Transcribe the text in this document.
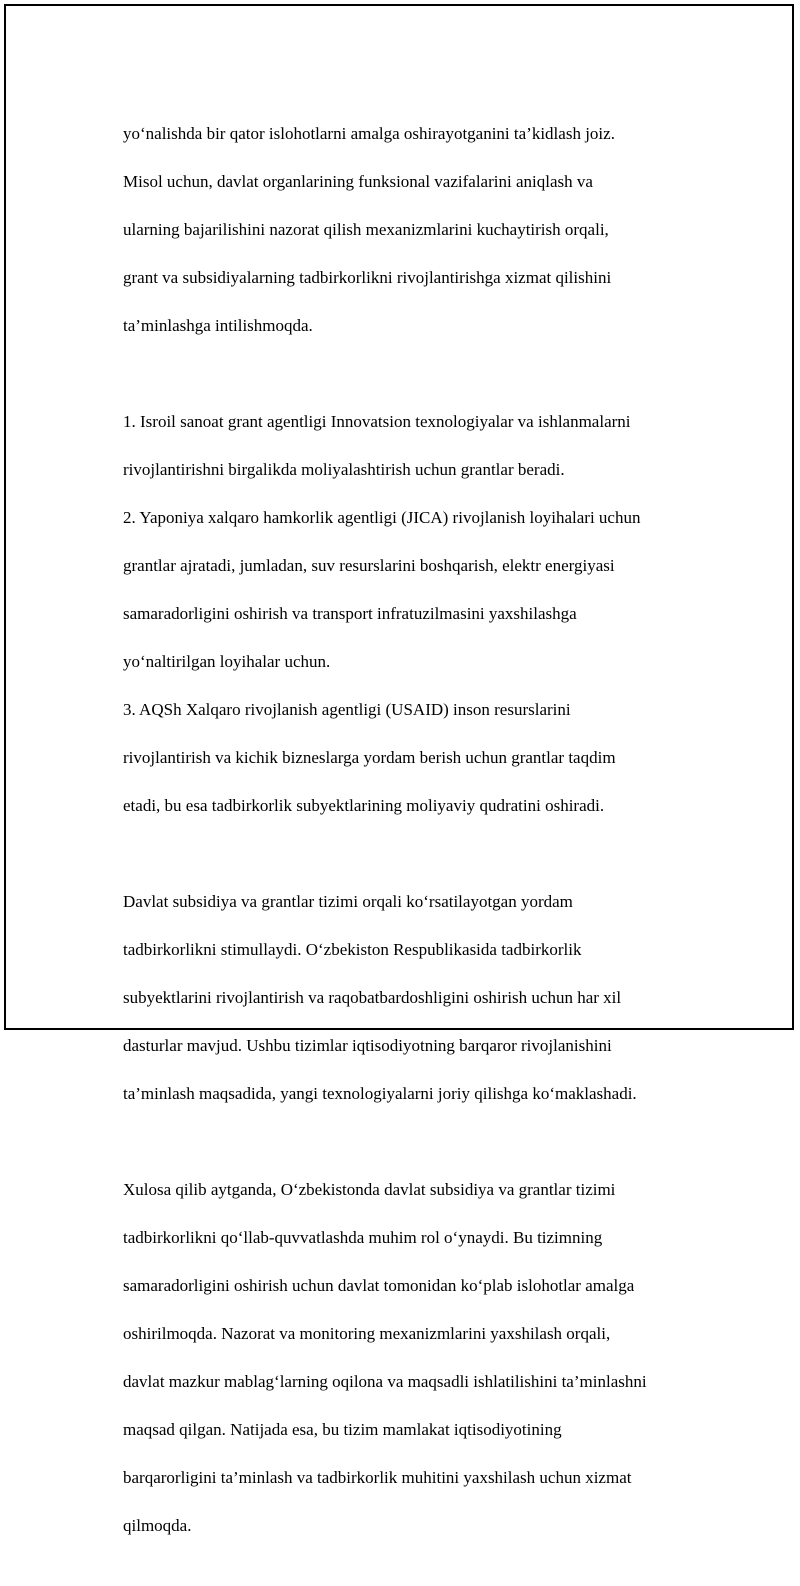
yo‘nalishda bir qator islohotlarni amalga oshirayotganini ta’kidlash joiz.

Misol uchun, davlat organlarining funksional vazifalarini aniqlash va

ularning bajarilishini nazorat qilish mexanizmlarini kuchaytirish orqali,

grant va subsidiyalarning tadbirkorlikni rivojlantirishga xizmat qilishini

ta’minlashga intilishmoqda.

1. Isroil sanoat grant agentligi Innovatsion texnologiyalar va ishlanmalarni

rivojlantirishni birgalikda moliyalashtirish uchun grantlar beradi.

2. Yaponiya xalqaro hamkorlik agentligi (JICA) rivojlanish loyihalari uchun

grantlar ajratadi, jumladan, suv resurslarini boshqarish, elektr energiyasi

samaradorligini oshirish va transport infratuzilmasini yaxshilashga

yo‘naltirilgan loyihalar uchun.

3. AQSh Xalqaro rivojlanish agentligi (USAID) inson resurslarini

rivojlantirish va kichik bizneslarga yordam berish uchun grantlar taqdim

etadi, bu esa tadbirkorlik subyektlarining moliyaviy qudratini oshiradi.

Davlat subsidiya va grantlar tizimi orqali ko‘rsatilayotgan yordam

tadbirkorlikni stimullaydi. O‘zbekiston Respublikasida tadbirkorlik

subyektlarini rivojlantirish va raqobatbardoshligini oshirish uchun har xil

dasturlar mavjud. Ushbu tizimlar iqtisodiyotning barqaror rivojlanishini

ta’minlash maqsadida, yangi texnologiyalarni joriy qilishga ko‘maklashadi.

Xulosa qilib aytganda, O‘zbekistonda davlat subsidiya va grantlar tizimi

tadbirkorlikni qo‘llab-quvvatlashda muhim rol o‘ynaydi. Bu tizimning

samaradorligini oshirish uchun davlat tomonidan ko‘plab islohotlar amalga

oshirilmoqda. Nazorat va monitoring mexanizmlarini yaxshilash orqali,

davlat mazkur mablag‘larning oqilona va maqsadli ishlatilishini ta’minlashni

maqsad qilgan. Natijada esa, bu tizim mamlakat iqtisodiyotining

barqarorligini ta’minlash va tadbirkorlik muhitini yaxshilash uchun xizmat

qilmoqda.
